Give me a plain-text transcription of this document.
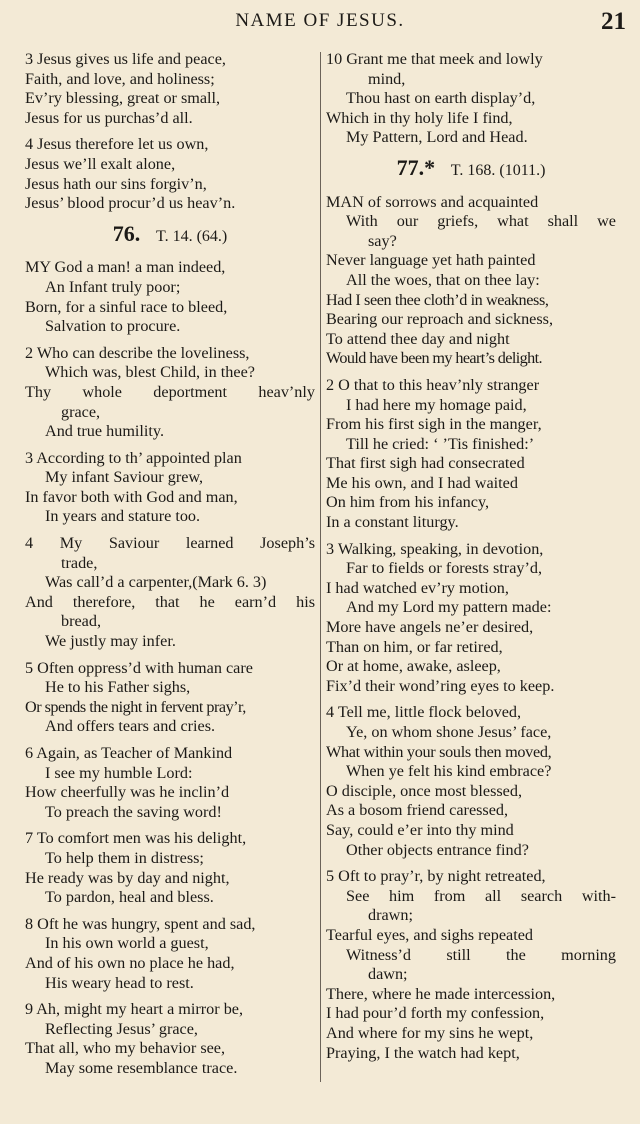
NAME OF JESUS.	21
3 Jesus gives us life and peace,
Faith, and love, and holiness;
Ev’ry blessing, great or small,
Jesus for us purchas’d all.
4 Jesus therefore let us own,
Jesus we’ll exalt alone,
Jesus hath our sins forgiv’n,
Jesus’ blood procur’d us heav’n.
76. T. 14. (64.)
MY God a man! a man indeed,
An Infant truly poor;
Born, for a sinful race to bleed,
Salvation to procure.
2 Who can describe the loveliness,
Which was, blest Child, in thee?
Thy whole deportment heav’nly
grace,
And true humility.
3 According to th’ appointed plan
My infant Saviour grew,
In favor both with God and man,
In years and stature too.
4 My Saviour learned Joseph’s
trade,
Was call’d a carpenter,(Mark 6. 3)
And therefore, that he earn’d his
bread,
We justly may infer.
5 Often oppress’d with human care
He to his Father sighs,
Or spends the night in fervent pray’r,
And offers tears and cries.
6 Again, as Teacher of Mankind
I see my humble Lord:
How cheerfully was he inclin’d
To preach the saving word!
7 To comfort men was his delight,
To help them in distress;
He ready was by day and night,
To pardon, heal and bless.
8 Oft he was hungry, spent and sad,
In his own world a guest,
And of his own no place he had,
His weary head to rest.
9 Ah, might my heart a mirror be,
Reflecting Jesus’ grace,
That all, who my behavior see,
May some resemblance trace.
10 Grant me that meek and lowly
mind,
Thou hast on earth display’d,
Which in thy holy life I find,
My Pattern, Lord and Head.
77.* T. 168. (1011.)
MAN of sorrows and acquainted
With our griefs, what shall we
say?
Never language yet hath painted
All the woes, that on thee lay:
Had I seen thee cloth’d in weakness,
Bearing our reproach and sickness,
To attend thee day and night
Would have been my heart’s delight.
2 O that to this heav’nly stranger
I had here my homage paid,
From his first sigh in the manger,
Till he cried: ‘ ’Tis finished:’
That first sigh had consecrated
Me his own, and I had waited
On him from his infancy,
In a constant liturgy.
3 Walking, speaking, in devotion,
Far to fields or forests stray’d,
I had watched ev’ry motion,
And my Lord my pattern made:
More have angels ne’er desired,
Than on him, or far retired,
Or at home, awake, asleep,
Fix’d their wond’ring eyes to keep.
4 Tell me, little flock beloved,
Ye, on whom shone Jesus’ face,
What within your souls then moved,
When ye felt his kind embrace?
O disciple, once most blessed,
As a bosom friend caressed,
Say, could e’er into thy mind
Other objects entrance find?
5 Oft to pray’r, by night retreated,
See him from all search with-
drawn;
Tearful eyes, and sighs repeated
Witness’d still the morning
dawn;
There, where he made intercession,
I had pour’d forth my confession,
And where for my sins he wept,
Praying, I the watch had kept,
